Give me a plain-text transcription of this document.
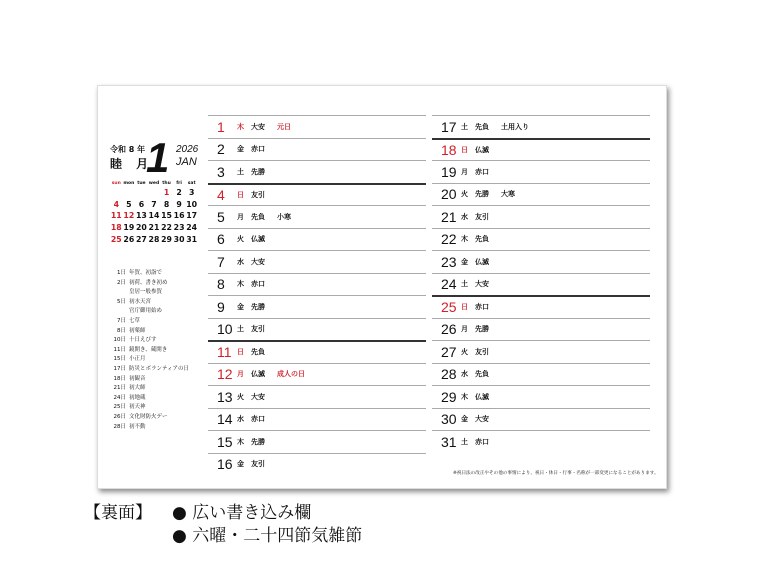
令和 8 年
睦 月
1 2026
JAN
sun	mon	tue	wed	thu	fri	sat
				1	2	3
4	5	6	7	8	9	10
11	12	13	14	15	16	17
18	19	20	21	22	23	24
25	26	27	28	29	30	31
1日 年賀、初詣で
2日 初荷、書き初め
皇居一般参賀
5日 初水天宮
官庁御用始め
7日 七草
8日 初薬師
10日 十日えびす
11日 鏡開き、蔵開き
15日 小正月
17日 防災とボランティアの日
18日 初観音
21日 初大師
24日 初地蔵
25日 初天神
26日 文化財防火デー
28日 初不動
1	木	大安	元日
2	金	赤口
3	土	先勝
4	日	友引
5	月	先負	小寒
6	火	仏滅
7	水	大安
8	木	赤口
9	金	先勝
10 土	友引
11 日	先負
12 月	仏滅	成人の日
13 火	大安
14 水	赤口
15 木	先勝
16 金	友引
17 土	先負	土用入り
18 日	仏滅
19 月	赤口
20 火	先勝	大寒
21 水	友引
22 木	先負
23 金	仏滅
24 土	大安
25 日	赤口
26 月	先勝
27 火	友引
28 水	先負
29 木	仏滅
30 金	大安
31 土	赤口
※祝日法の改正やその他の事情により、祝日・休日・行事・名称が一部変更になることがあります。
【裏面】 ● 広い書き込み欄
● 六曜・二十四節気雑節
